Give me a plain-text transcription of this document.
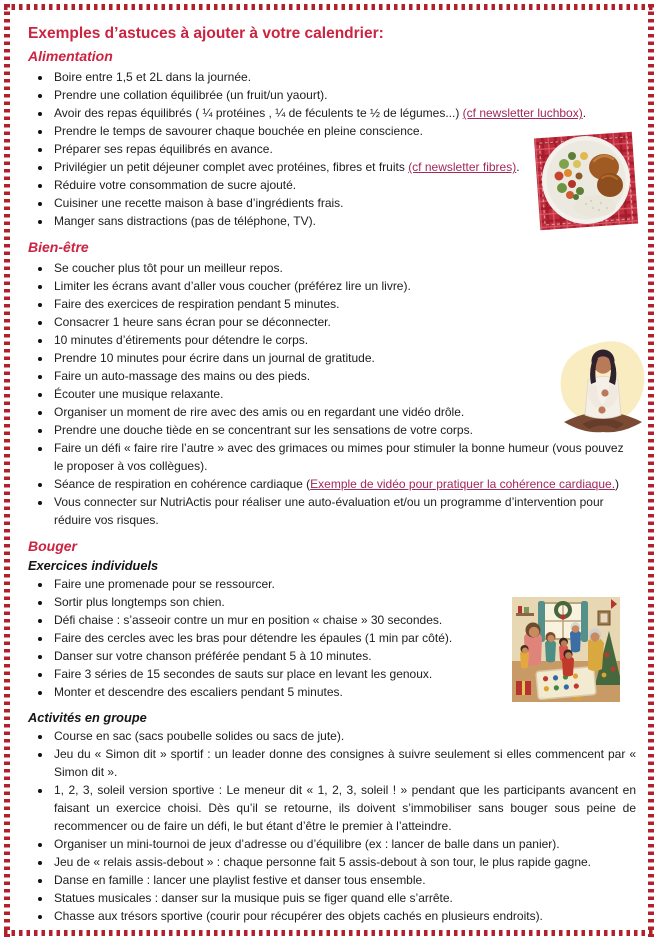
Exemples d’astuces à ajouter à votre calendrier:
Alimentation
• Boire entre 1,5 et 2L dans la journée.
• Prendre une collation équilibrée (un fruit/un yaourt).
• Avoir des repas équilibrés ( ¼ protéines , ¼ de féculents te ½ de légumes...) (cf newsletter luchbox).
• Prendre le temps de savourer chaque bouchée en pleine conscience.
• Préparer ses repas équilibrés en avance.
• Privilégier un petit déjeuner complet avec protéines, fibres et fruits (cf newsletter fibres).
• Réduire votre consommation de sucre ajouté.
• Cuisiner une recette maison à base d’ingrédients frais.
• Manger sans distractions (pas de téléphone, TV).
Bien-être
• Se coucher plus tôt pour un meilleur repos.
• Limiter les écrans avant d’aller vous coucher (préférez lire un livre).
• Faire des exercices de respiration pendant 5 minutes.
• Consacrer 1 heure sans écran pour se déconnecter.
• 10 minutes d’étirements pour détendre le corps.
• Prendre 10 minutes pour écrire dans un journal de gratitude.
• Faire un auto-massage des mains ou des pieds.
• Écouter une musique relaxante.
• Organiser un moment de rire avec des amis ou en regardant une vidéo drôle.
• Prendre une douche tiède en se concentrant sur les sensations de votre corps.
• Faire un défi « faire rire l’autre » avec des grimaces ou mimes pour stimuler la bonne humeur (vous pouvez le proposer à vos collègues).
• Séance de respiration en cohérence cardiaque (Exemple de vidéo pour pratiquer la cohérence cardiaque.)
• Vous connecter sur NutriActis pour réaliser une auto-évaluation et/ou un programme d’intervention pour réduire vos risques.
Bouger
Exercices individuels
• Faire une promenade pour se ressourcer.
• Sortir plus longtemps son chien.
• Défi chaise : s’asseoir contre un mur en position « chaise » 30 secondes.
• Faire des cercles avec les bras pour détendre les épaules (1 min par côté).
• Danser sur votre chanson préférée pendant 5 à 10 minutes.
• Faire 3 séries de 15 secondes de sauts sur place en levant les genoux.
• Monter et descendre des escaliers pendant 5 minutes.
Activités en groupe
• Course en sac (sacs poubelle solides ou sacs de jute).
• Jeu du « Simon dit » sportif : un leader donne des consignes à suivre seulement si elles commencent par « Simon dit ».
• 1, 2, 3, soleil version sportive : Le meneur dit « 1, 2, 3, soleil ! » pendant que les participants avancent en faisant un exercice choisi. Dès qu’il se retourne, ils doivent s’immobiliser sans bouger sous peine de recommencer ou de faire un défi, le but étant d’être le premier à l’atteindre.
• Organiser un mini-tournoi de jeux d’adresse ou d’équilibre (ex : lancer de balle dans un panier).
• Jeu de « relais assis-debout » : chaque personne fait 5 assis-debout à son tour, le plus rapide gagne.
• Danse en famille : lancer une playlist festive et danser tous ensemble.
• Statues musicales : danser sur la musique puis se figer quand elle s’arrête.
• Chasse aux trésors sportive (courir pour récupérer des objets cachés en plusieurs endroits).
